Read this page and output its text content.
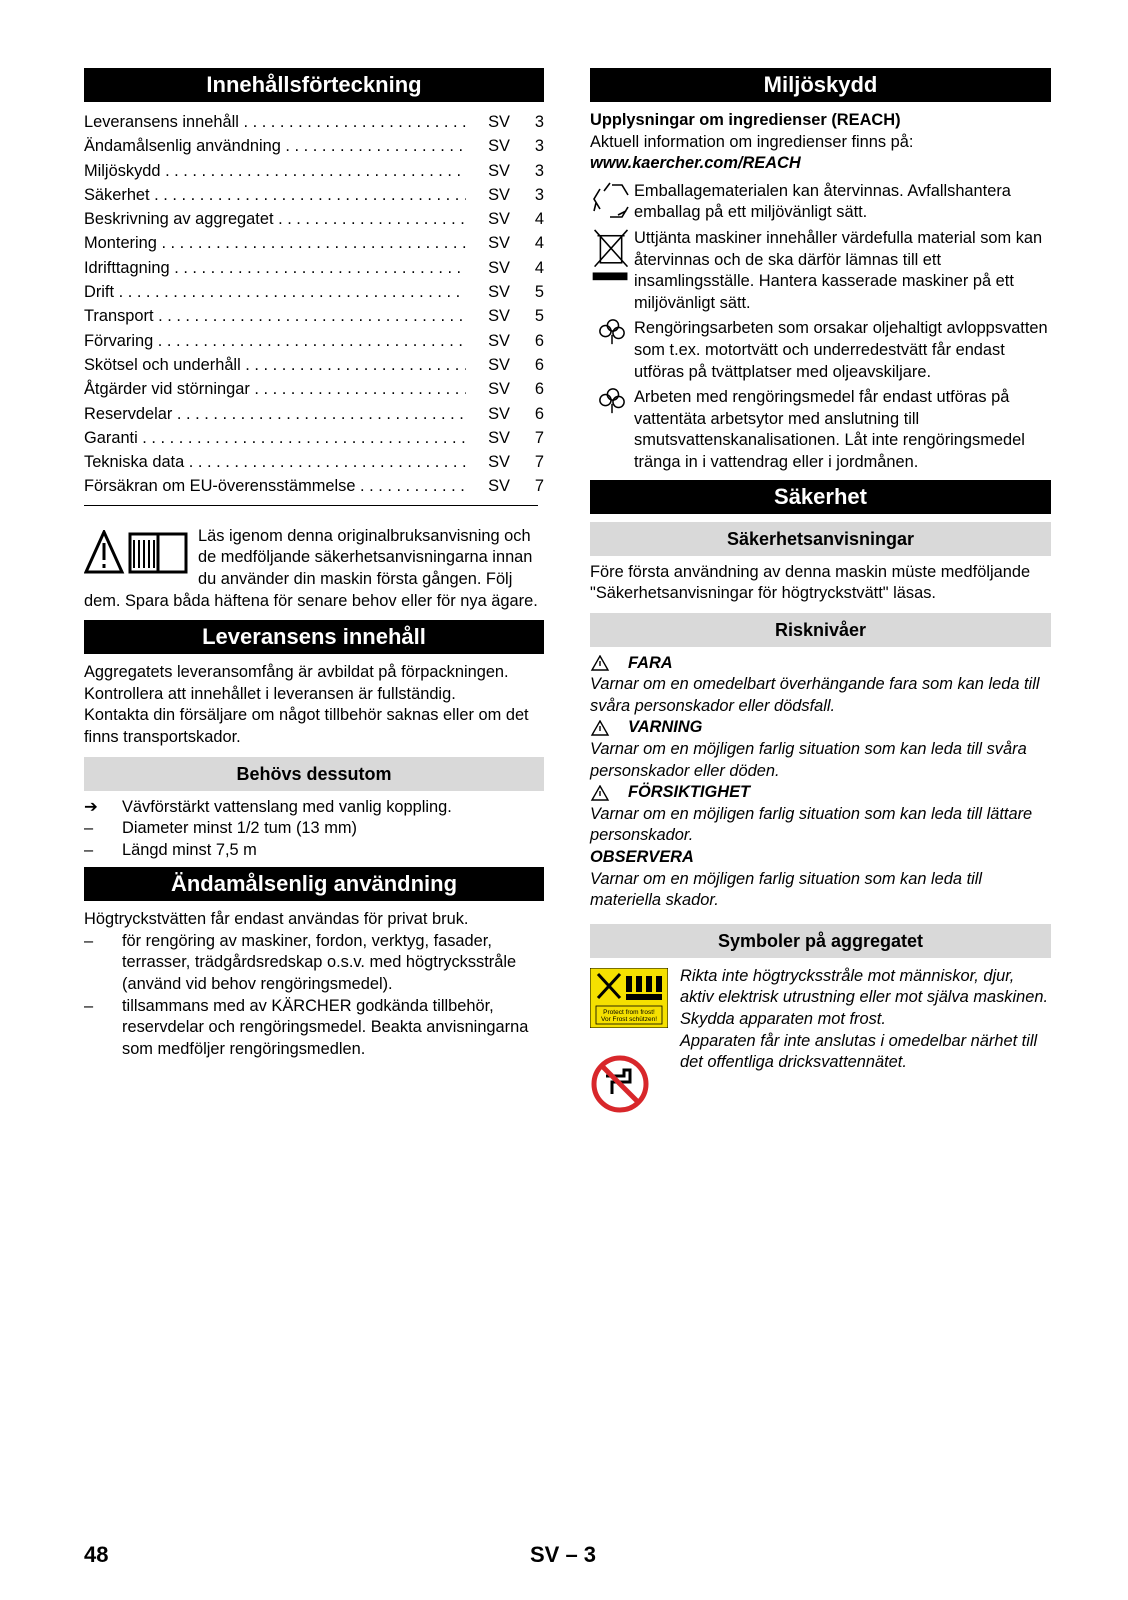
Innehållsförteckning
Leveransens innehåll . . .	SV	3
Ändamålsenlig användning . . .	SV	3
Miljöskydd . . .	SV	3
Säkerhet . . .	SV	3
Beskrivning av aggregatet . . .	SV	4
Montering . . .	SV	4
Idrifttagning . . .	SV	4
Drift . . .	SV	5
Transport . . .	SV	5
Förvaring . . .	SV	6
Skötsel och underhåll . . .	SV	6
Åtgärder vid störningar . . .	SV	6
Reservdelar . . .	SV	6
Garanti . . .	SV	7
Tekniska data . . .	SV	7
Försäkran om EU-överensstämmelse . . .	SV	7
Läs igenom denna originalbruksanvisning och de medföljande säkerhetsanvisningarna innan du använder din maskin första gången. Följ dem. Spara båda häftena för senare behov eller för nya ägare.
Leveransens innehåll

Aggregatets leveransomfång är avbildat på förpackningen. Kontrollera att innehållet i leveransen är fullständig.

Kontakta din försäljare om något tillbehör saknas eller om det finns transportskador.

Behövs dessutom
➔	Vävförstärkt vattenslang med vanlig koppling.
–	Diameter minst 1/2 tum (13 mm)
–	Längd minst 7,5 m
Ändamålsenlig användning

Högtryckstvätten får endast användas för privat bruk.

–	för rengöring av maskiner, fordon, verktyg, fasader, terrasser, trädgårdsredskap o.s.v. med högtrycksstråle (använd vid behov rengöringsmedel).
–	tillsammans med av KÄRCHER godkända tillbehör, reservdelar och rengöringsmedel. Beakta anvisningarna som medföljer rengöringsmedlen.
Miljöskydd

Upplysningar om ingredienser (REACH)

Aktuell information om ingredienser finns på:

www.kaercher.com/REACH

Emballagematerialen kan återvinnas. Avfallshantera emballag på ett miljövänligt sätt.
Uttjänta maskiner innehåller värdefulla material som kan återvinnas och de ska därför lämnas till ett insamlingsställe. Hantera kasserade maskiner på ett miljövänligt sätt.
Rengöringsarbeten som orsakar oljehaltigt avloppsvatten som t.ex. motortvätt och underredestvätt får endast utföras på tvättplatser med oljeavskiljare.
Arbeten med rengöringsmedel får endast utföras på vattentäta arbetsytor med anslutning till smutsvattenskanalisationen. Låt inte rengöringsmedel tränga in i vattendrag eller i jordmånen.
Säkerhet
Säkerhetsanvisningar

Före första användning av denna maskin müste medföljande "Säkerhetsanvisningar för högtryckstvätt" läsas.

Risknivåer
FARA

Varnar om en omedelbart överhängande fara som kan leda till svåra personskador eller dödsfall.

VARNING

Varnar om en möjligen farlig situation som kan leda till svåra personskador eller döden.

FÖRSIKTIGHET

Varnar om en möjligen farlig situation som kan leda till lättare personskador.

OBSERVERA

Varnar om en möjligen farlig situation som kan leda till materiella skador.

Symboler på aggregatet
Protect from frost!
Vor Frost schützen!

Rikta inte högtrycksstråle mot människor, djur, aktiv elektrisk utrustning eller mot själva maskinen.

Skydda apparaten mot frost.

Apparaten får inte anslutas i omedelbar närhet till det offentliga dricksvattennätet.

48	SV – 3
